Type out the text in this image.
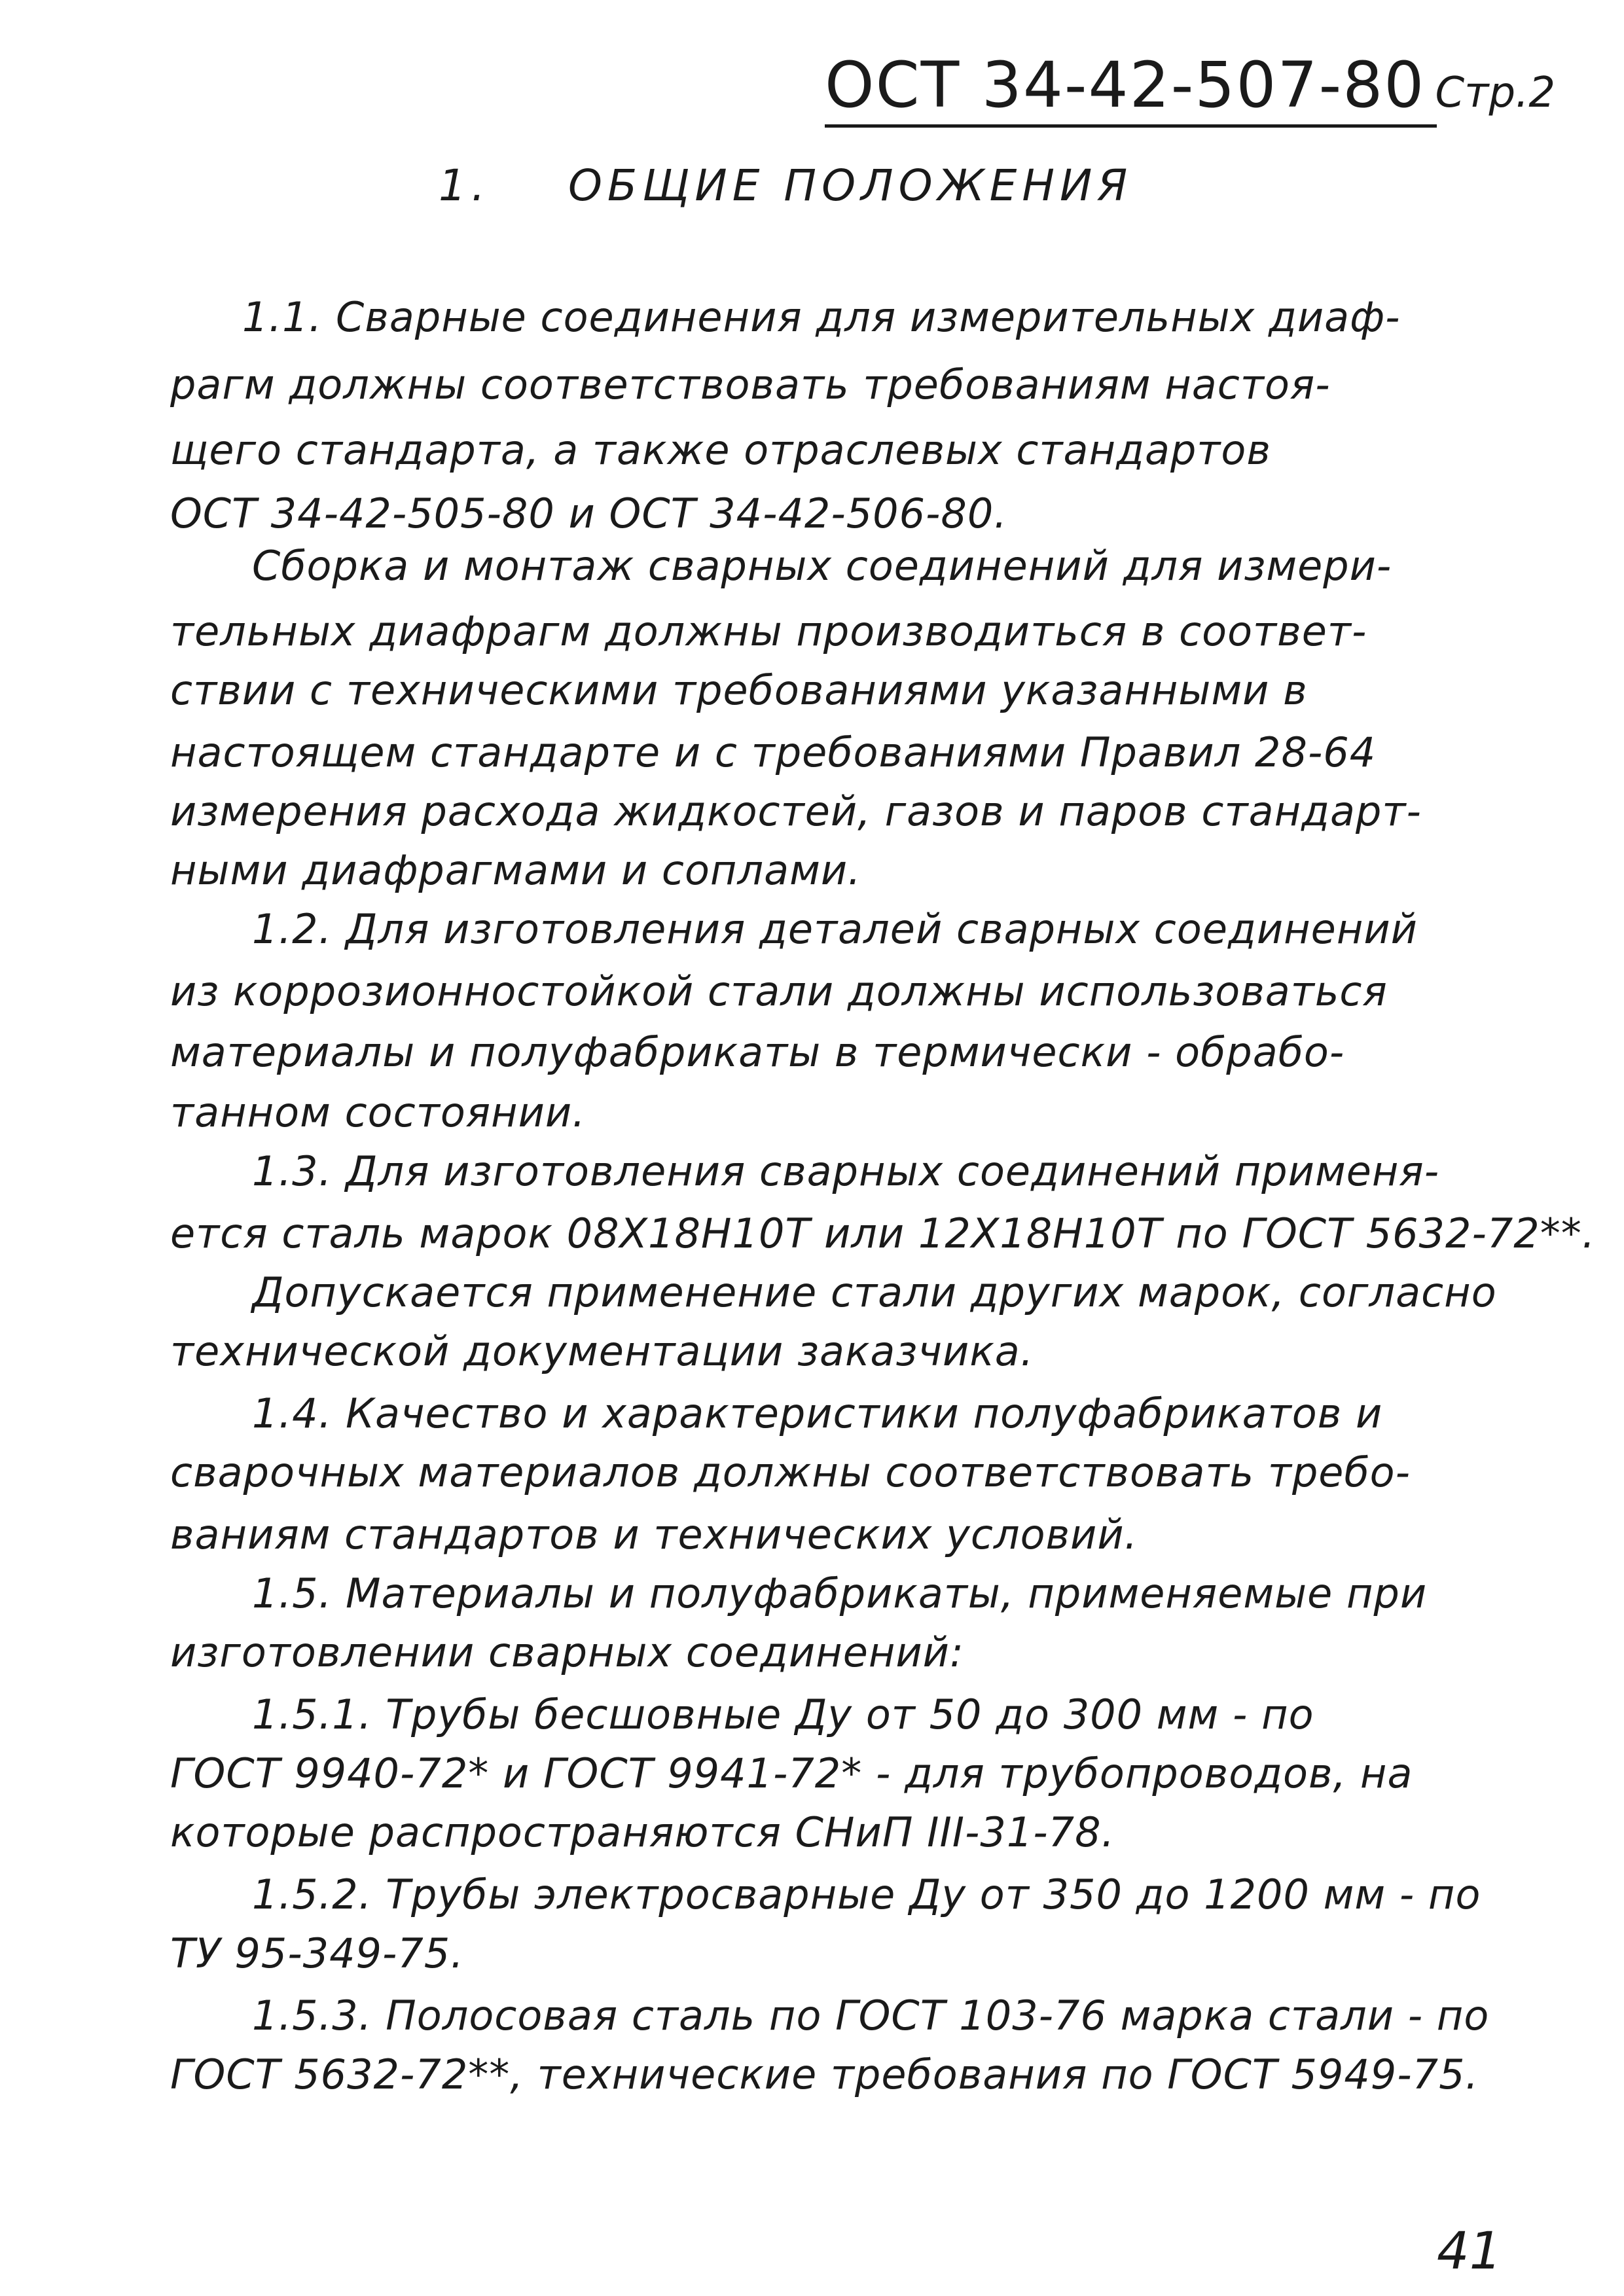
ОСТ 34-42-507-80 Стр.2
1. ОБЩИЕ ПОЛОЖЕНИЯ
1.1. Сварные соединения для измерительных диаф-
рагм должны соответствовать требованиям настоя-
щего стандарта, а также отраслевых стандартов
ОСТ 34-42-505-80 и ОСТ 34-42-506-80.
Сборка и монтаж сварных соединений для измери-
тельных диафрагм должны производиться в соответ-
ствии с техническими требованиями указанными в
настоящем стандарте и с требованиями Правил 28-64
измерения расхода жидкостей, газов и паров стандарт-
ными диафрагмами и соплами.
1.2. Для изготовления деталей сварных соединений
из коррозионностойкой стали должны использоваться
материалы и полуфабрикаты в термически - обрабо-
танном состоянии.
1.3. Для изготовления сварных соединений применя-
ется сталь марок 08Х18Н10Т или 12Х18Н10Т по ГОСТ 5632-72**.
Допускается применение стали других марок, согласно
технической документации заказчика.
1.4. Качество и характеристики полуфабрикатов и
сварочных материалов должны соответствовать требо-
ваниям стандартов и технических условий.
1.5. Материалы и полуфабрикаты, применяемые при
изготовлении сварных соединений:
1.5.1. Трубы бесшовные Ду от 50 до 300 мм - по
ГОСТ 9940-72* и ГОСТ 9941-72* - для трубопроводов, на
которые распространяются СНиП III-31-78.
1.5.2. Трубы электросварные Ду от 350 до 1200 мм - по
ТУ 95-349-75.
1.5.3. Полосовая сталь по ГОСТ 103-76 марка стали - по
ГОСТ 5632-72**, технические требования по ГОСТ 5949-75.
41
